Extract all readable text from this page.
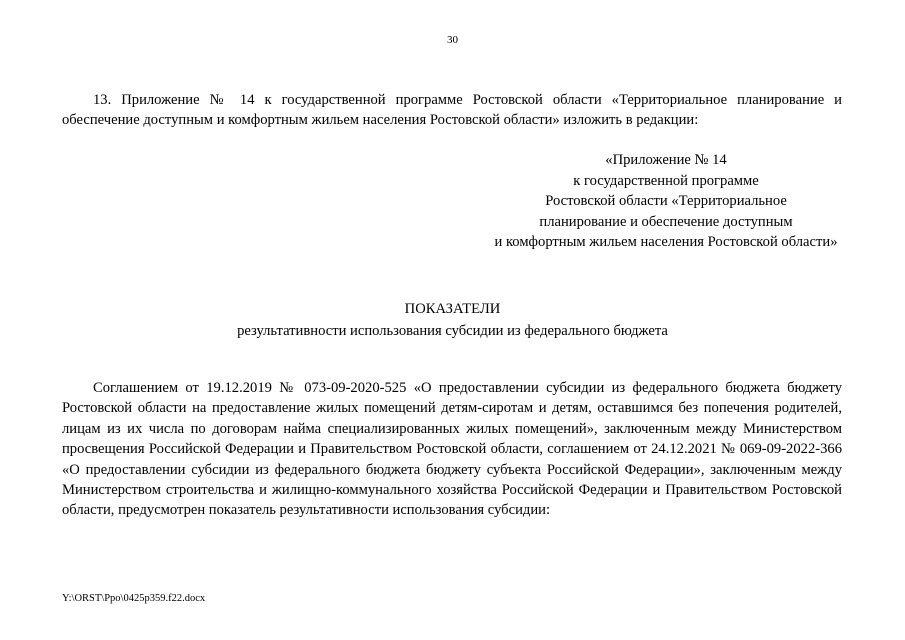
30

13. Приложение № 14 к государственной программе Ростовской области «Территориальное планирование и обеспечение доступным и комфортным жильем населения Ростовской области» изложить в редакции:

«Приложение № 14
к государственной программе
Ростовской области «Территориальное
планирование и обеспечение доступным
и комфортным жильем населения Ростовской области»
ПОКАЗАТЕЛИ
результативности использования субсидии из федерального бюджета

Соглашением от 19.12.2019 № 073-09-2020-525 «О предоставлении субсидии из федерального бюджета бюджету Ростовской области на предоставление жилых помещений детям-сиротам и детям, оставшимся без попечения родителей, лицам из их числа по договорам найма специализированных жилых помещений», заключенным между Министерством просвещения Российской Федерации и Правительством Ростовской области, соглашением от 24.12.2021 № 069-09-2022-366 «О предоставлении субсидии из федерального бюджета бюджету субъекта Российской Федерации», заключенным между Министерством строительства и жилищно-коммунального хозяйства Российской Федерации и Правительством Ростовской области, предусмотрен показатель результативности использования субсидии:

Y:\ORST\Ppo\0425p359.f22.docx
